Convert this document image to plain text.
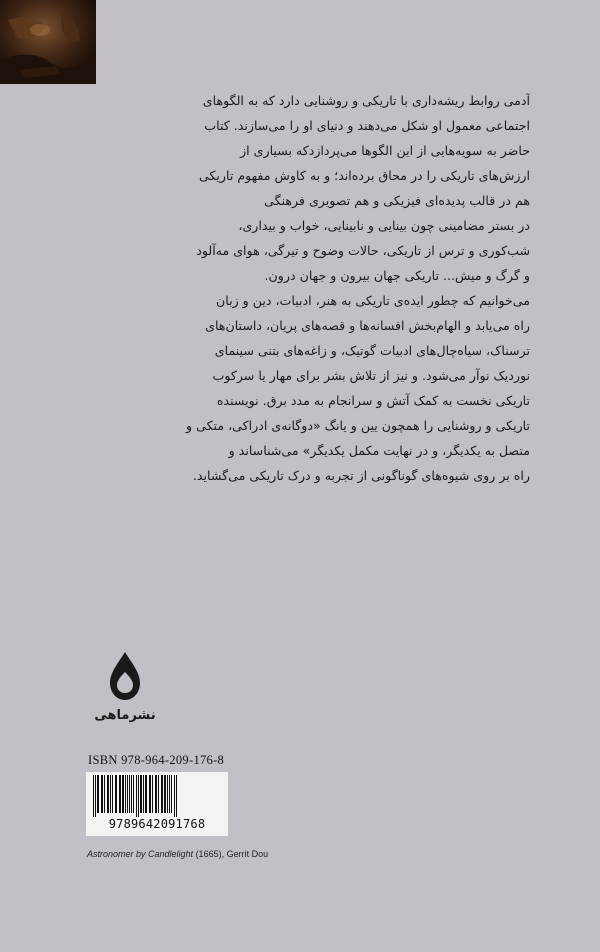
آدمی روابط ریشه‌داری با تاریکی و روشنایی دارد که به الگوهای
اجتماعی معمول او شکل می‌دهند و دنیای او را می‌سازند. کتاب
حاضر به سویه‌هایی از این الگوها می‌پردازدکه بسیاری از
ارزش‌های تاریکی را در محاق برده‌اند؛ و به کاوش مفهوم تاریکی
هم در قالب پدیده‌ای فیزیکی و هم تصویری فرهنگی
در بستر مضامینی چون بینایی و نابینایی، خواب و بیداری،
شب‌کوری و ترس از تاریکی، حالات وضوح و تیرگی، هوای مه‌آلود
و گرگ و میش... تاریکی جهان بیرون و جهان درون.

می‌خوانیم که چطور ایده‌ی تاریکی به هنر، ادبیات، دین و زبان
راه می‌یابد و الهام‌بخش افسانه‌ها و قصه‌های پریان، داستان‌های
ترسناک، سیاه‌چال‌های ادبیات گوتیک، و زاغه‌های بتنی سینمای
نوردیک نوآر می‌شود. و نیز از تلاش بشر برای مهار یا سرکوب
تاریکی نخست به کمک آتش و سرانجام به مدد برق. نویسنده
تاریکی و روشنایی را همچون یین و یانگ «دوگانه‌ی ادراکی، متکی و
متصل به یکدیگر، و در نهایت مکمل یکدیگر» می‌شناساند و
راه بر روی شیوه‌های گوناگونی از تجربه و درک تاریکی می‌گشاید.

نشرماهی
ISBN 978-964-209-176-8
9789642091768
Astronomer by Candlelight (1665), Gerrit Dou
